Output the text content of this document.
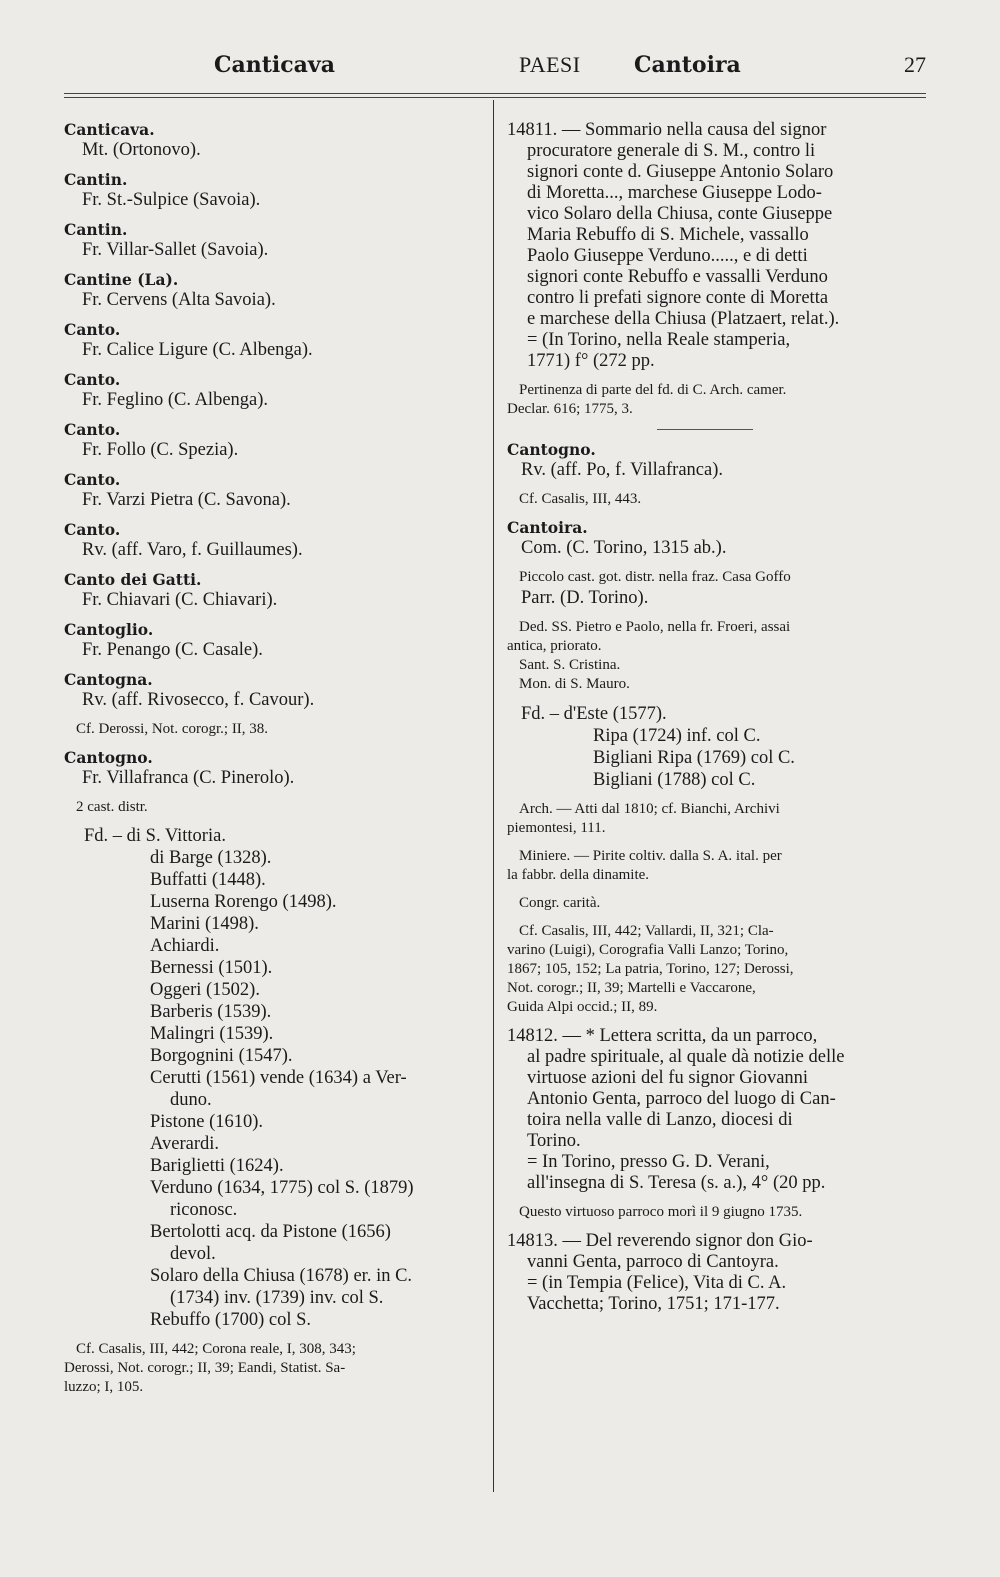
Canticava	PAESI Cantoira	27
Canticava.
Mt. (Ortonovo).
Cantin.
Fr. St.-Sulpice (Savoia).
Cantin.
Fr. Villar-Sallet (Savoia).
Cantine (La).
Fr. Cervens (Alta Savoia).
Canto.
Fr. Calice Ligure (C. Albenga).
Canto.
Fr. Feglino (C. Albenga).
Canto.
Fr. Follo (C. Spezia).
Canto.
Fr. Varzi Pietra (C. Savona).
Canto.
Rv. (aff. Varo, f. Guillaumes).
Canto dei Gatti.
Fr. Chiavari (C. Chiavari).
Cantoglio.
Fr. Penango (C. Casale).
Cantogna.
Rv. (aff. Rivosecco, f. Cavour).
Cf. Derossi, Not. corogr.; II, 38.
Cantogno.
Fr. Villafranca (C. Pinerolo).
2 cast. distr.
Fd. – di S. Vittoria.
di Barge (1328).
Buffatti (1448).
Luserna Rorengo (1498).
Marini (1498).
Achiardi.
Bernessi (1501).
Oggeri (1502).
Barberis (1539).
Malingri (1539).
Borgognini (1547).
Cerutti (1561) vende (1634) a Ver-
duno.
Pistone (1610).
Averardi.
Bariglietti (1624).
Verduno (1634, 1775) col S. (1879)
riconosc.
Bertolotti acq. da Pistone (1656)
devol.
Solaro della Chiusa (1678) er. in C.
(1734) inv. (1739) inv. col S.
Rebuffo (1700) col S.
Cf. Casalis, III, 442; Corona reale, I, 308, 343;
Derossi, Not. corogr.; II, 39; Eandi, Statist. Sa-
luzzo; I, 105.
14811. — Sommario nella causa del signor
procuratore generale di S. M., contro li
signori conte d. Giuseppe Antonio Solaro
di Moretta..., marchese Giuseppe Lodo-
vico Solaro della Chiusa, conte Giuseppe
Maria Rebuffo di S. Michele, vassallo
Paolo Giuseppe Verduno....., e di detti
signori conte Rebuffo e vassalli Verduno
contro li prefati signore conte di Moretta
e marchese della Chiusa (Platzaert, relat.).
= (In Torino, nella Reale stamperia,
1771) f° (272 pp.
Pertinenza di parte del fd. di C. Arch. camer.
Declar. 616; 1775, 3.
Cantogno.
Rv. (aff. Po, f. Villafranca).
Cf. Casalis, III, 443.
Cantoira.
Com. (C. Torino, 1315 ab.).
Piccolo cast. got. distr. nella fraz. Casa Goffo
Parr. (D. Torino).
Ded. SS. Pietro e Paolo, nella fr. Froeri, assai
antica, priorato.
Sant. S. Cristina.
Mon. di S. Mauro.
Fd. – d'Este (1577).
Ripa (1724) inf. col C.
Bigliani Ripa (1769) col C.
Bigliani (1788) col C.
Arch. — Atti dal 1810; cf. Bianchi, Archivi
piemontesi, 111.
Miniere. — Pirite coltiv. dalla S. A. ital. per
la fabbr. della dinamite.
Congr. carità.
Cf. Casalis, III, 442; Vallardi, II, 321; Cla-
varino (Luigi), Corografia Valli Lanzo; Torino,
1867; 105, 152; La patria, Torino, 127; Derossi,
Not. corogr.; II, 39; Martelli e Vaccarone,
Guida Alpi occid.; II, 89.
14812. — * Lettera scritta, da un parroco,
al padre spirituale, al quale dà notizie delle
virtuose azioni del fu signor Giovanni
Antonio Genta, parroco del luogo di Can-
toira nella valle di Lanzo, diocesi di
Torino.
= In Torino, presso G. D. Verani,
all'insegna di S. Teresa (s. a.), 4° (20 pp.
Questo virtuoso parroco morì il 9 giugno 1735.
14813. — Del reverendo signor don Gio-
vanni Genta, parroco di Cantoyra.
= (in Tempia (Felice), Vita di C. A.
Vacchetta; Torino, 1751; 171-177.
